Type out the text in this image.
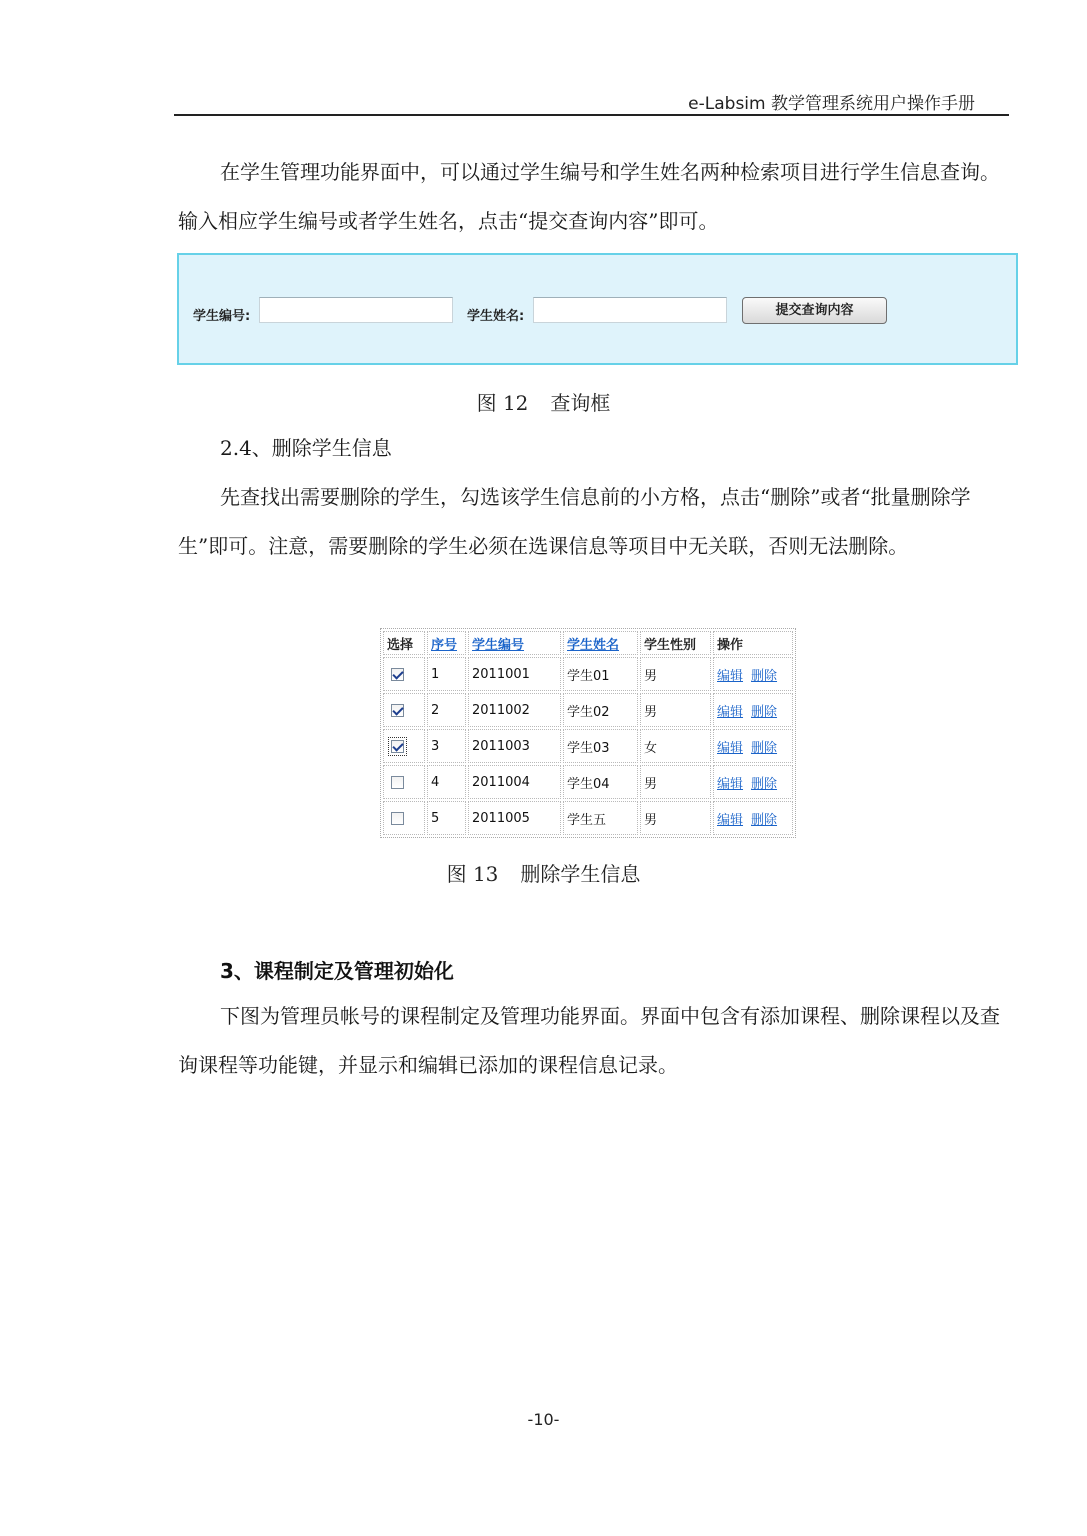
e-Labsim 教学管理系统用户操作手册

在学生管理功能界面中，可以通过学生编号和学生姓名两种检索项目进行学生信息查询。输入相应学生编号或者学生姓名，点击“提交查询内容”即可。

学生编号:	学生姓名:	提交查询内容
图 12 查询框

2.4、删除学生信息

先查找出需要删除的学生，勾选该学生信息前的小方格，点击“删除”或者“批量删除学生”即可。注意，需要删除的学生必须在选课信息等项目中无关联，否则无法删除。

选择	序号	学生编号	学生姓名	学生性别	操作
	1	2011001	学生01	男	编辑 删除
	2	2011002	学生02	男	编辑 删除
	3	2011003	学生03	女	编辑 删除
	4	2011004	学生04	男	编辑 删除
	5	2011005	学生五	男	编辑 删除
图 13 删除学生信息
3、课程制定及管理初始化

下图为管理员帐号的课程制定及管理功能界面。界面中包含有添加课程、删除课程以及查询课程等功能键，并显示和编辑已添加的课程信息记录。

-10-
